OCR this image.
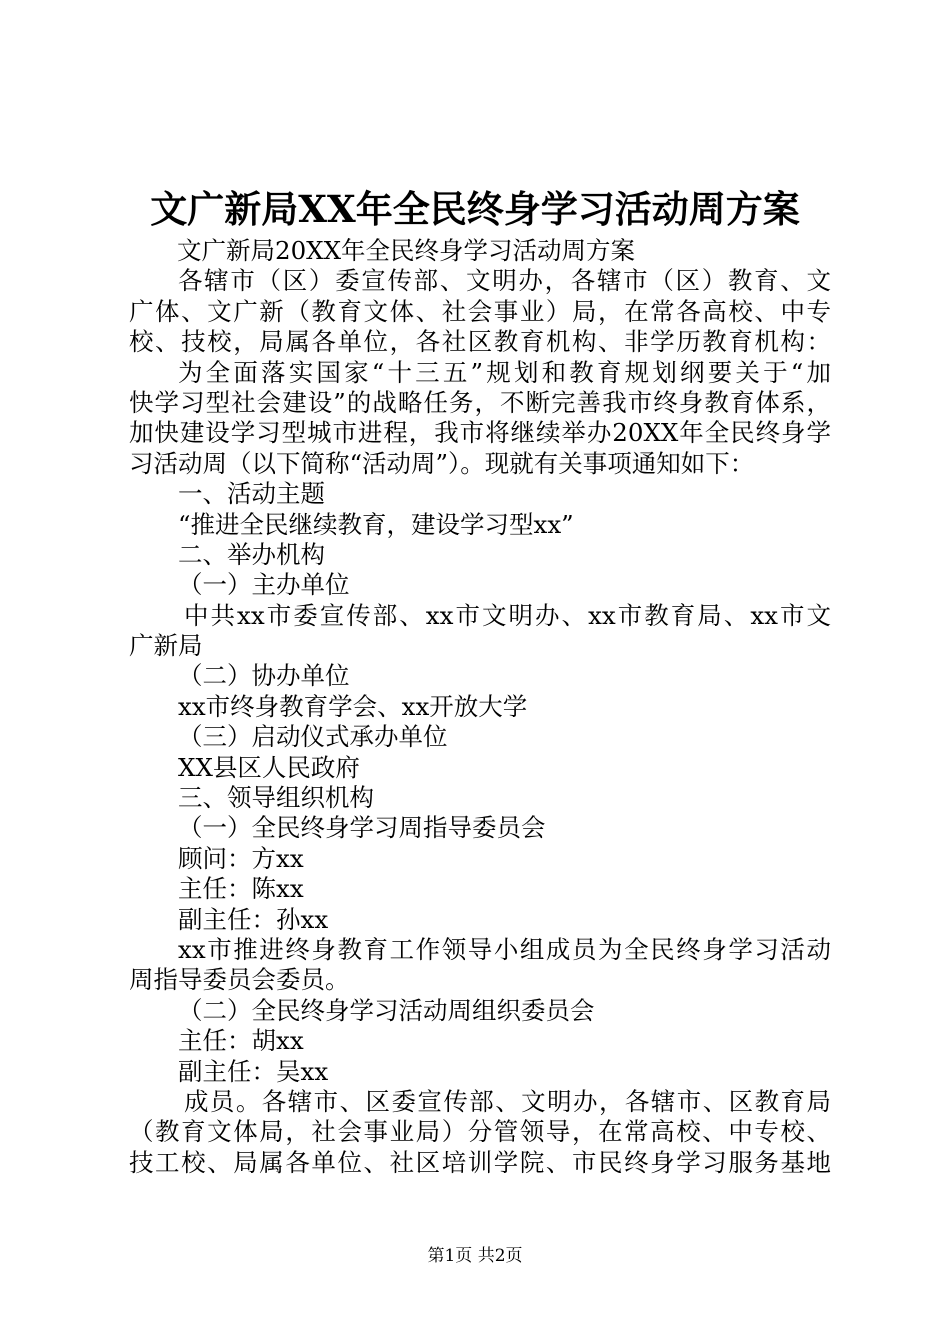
文广新局XX年全民终身学习活动周方案
文广新局20XX年全民终身学习活动周方案
各辖市（区）委宣传部、文明办，各辖市（区）教育、文
广体、文广新（教育文体、社会事业）局，在常各高校、中专
校、技校，局属各单位，各社区教育机构、非学历教育机构：
为全面落实国家“十三五”规划和教育规划纲要关于“加
快学习型社会建设”的战略任务，不断完善我市终身教育体系，
加快建设学习型城市进程，我市将继续举办20XX年全民终身学
习活动周（以下简称“活动周”）。现就有关事项通知如下：
一、活动主题
“推进全民继续教育，建设学习型xx”
二、举办机构
（一）主办单位
中共xx市委宣传部、xx市文明办、xx市教育局、xx市文
广新局
（二）协办单位
xx市终身教育学会、xx开放大学
（三）启动仪式承办单位
XX县区人民政府
三、领导组织机构
（一）全民终身学习周指导委员会
顾问：方xx
主任：陈xx
副主任：孙xx
xx市推进终身教育工作领导小组成员为全民终身学习活动
周指导委员会委员。
（二）全民终身学习活动周组织委员会
主任：胡xx
副主任：吴xx
成员。各辖市、区委宣传部、文明办，各辖市、区教育局
（教育文体局，社会事业局）分管领导，在常高校、中专校、
技工校、局属各单位、社区培训学院、市民终身学习服务基地
第1页 共2页
